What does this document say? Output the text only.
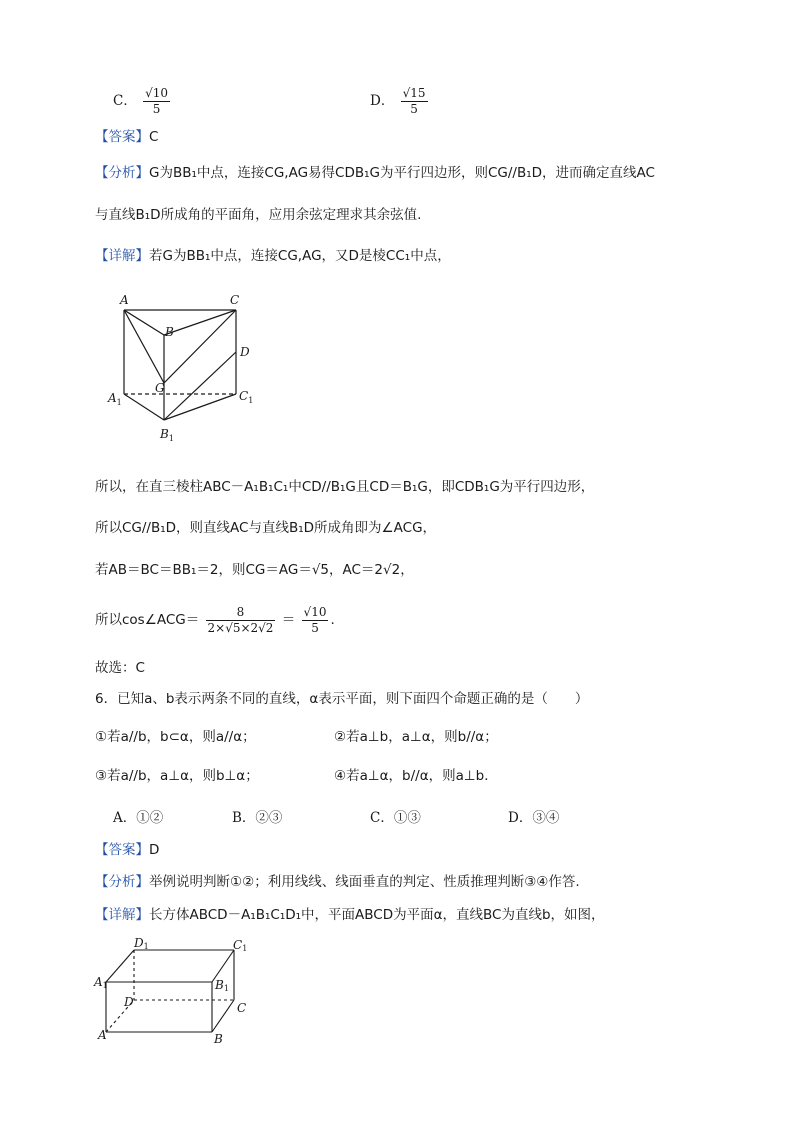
C． $\frac{√10}{5}$	D． $\frac{√15}{5}$
【答案】C
【分析】G为BB₁中点，连接CG,AG易得CDB₁G为平行四边形，则CG//B₁D，进而确定直线AC
与直线B₁D所成角的平面角，应用余弦定理求其余弦值.
【详解】若G为BB₁中点，连接CG,AG，又D是棱CC₁中点，
A	C
B
D
G
$A_1$	$C_1$
$B_1$
所以，在直三棱柱ABC－A₁B₁C₁中CD//B₁G且CD＝B₁G，即CDB₁G为平行四边形，
所以CG//B₁D，则直线AC与直线B₁D所成角即为∠ACG，
若AB＝BC＝BB₁＝2，则CG＝AG＝√5，AC＝2√2，
所以cos∠ACG＝ $\frac{8}{2\times√5\times 2√2} = \frac{√10}{5}$ .
故选：C
6．已知a、b表示两条不同的直线，α表示平面，则下面四个命题正确的是（　　）
①若a//b，b⊂α，则a//α；	②若a⊥b，a⊥α，则b//α；
③若a//b，a⊥α，则b⊥α；	④若a⊥α，b//α，则a⊥b．
A．①②	B．②③	C．①③	D．③④
【答案】D
【分析】举例说明判断①②；利用线线、线面垂直的判定、性质推理判断③④作答.
【详解】长方体ABCD－A₁B₁C₁D₁中，平面ABCD为平面α，直线BC为直线b，如图，
D1	C1
A1	B1
D	C
A	B
